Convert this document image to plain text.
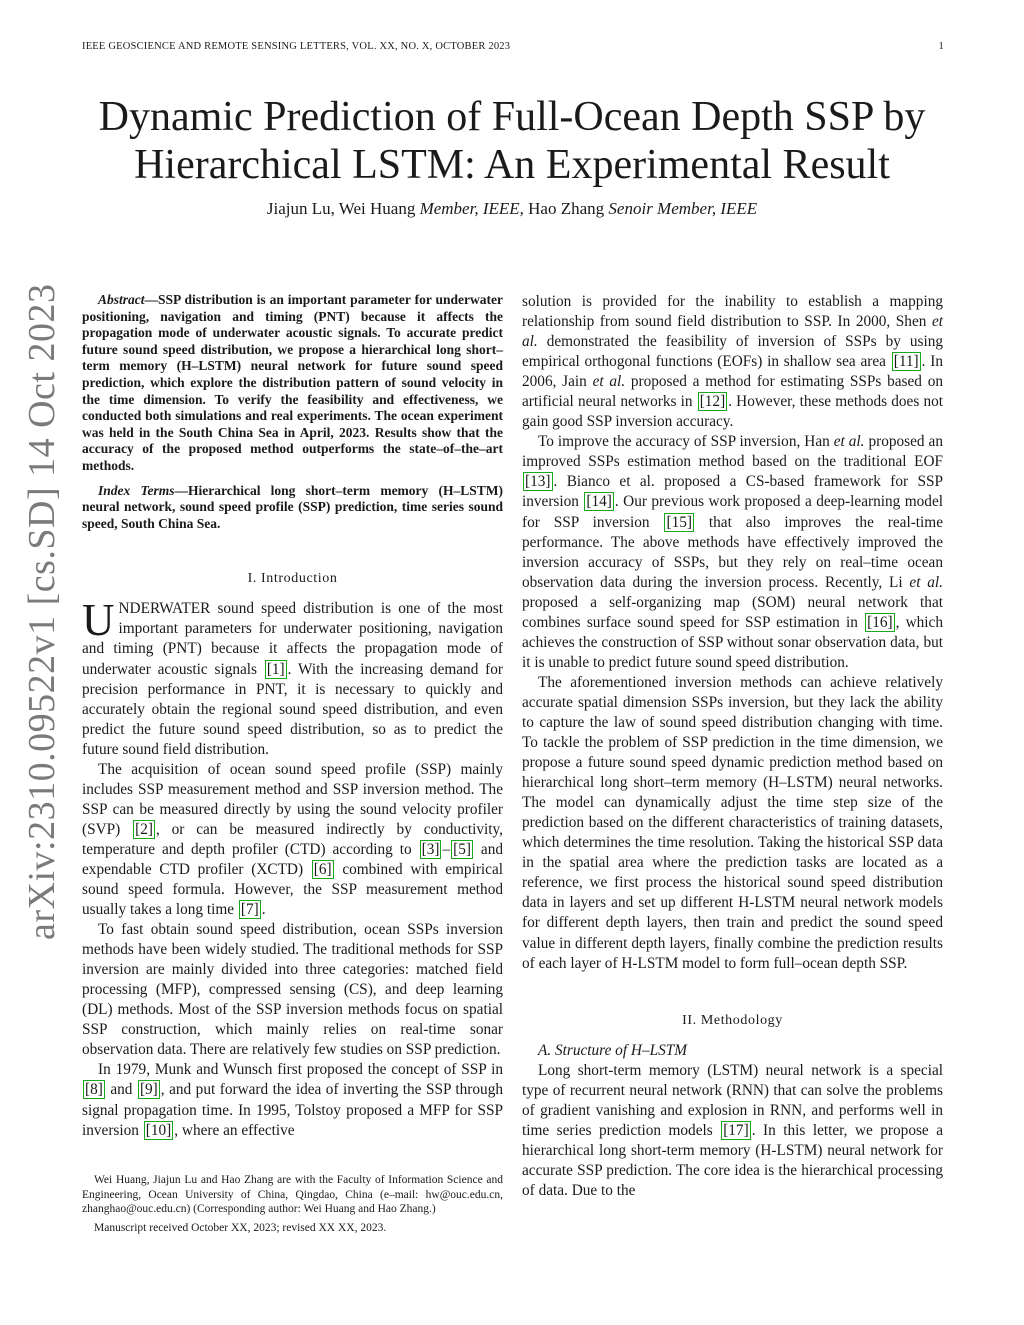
IEEE GEOSCIENCE AND REMOTE SENSING LETTERS, VOL. XX, NO. X, OCTOBER 2023	1
arXiv:2310.09522v1 [cs.SD] 14 Oct 2023
Dynamic Prediction of Full-Ocean Depth SSP by
Hierarchical LSTM: An Experimental Result
Jiajun Lu, Wei Huang Member, IEEE, Hao Zhang Senoir Member, IEEE

Abstract—SSP distribution is an important parameter for underwater positioning, navigation and timing (PNT) because it affects the propagation mode of underwater acoustic signals. To accurate predict future sound speed distribution, we propose a hierarchical long short–term memory (H–LSTM) neural network for future sound speed prediction, which explore the distribution pattern of sound velocity in the time dimension. To verify the feasibility and effectiveness, we conducted both simulations and real experiments. The ocean experiment was held in the South China Sea in April, 2023. Results show that the accuracy of the proposed method outperforms the state–of–the–art methods.

Index Terms—Hierarchical long short–term memory (H–LSTM) neural network, sound speed profile (SSP) prediction, time series sound speed, South China Sea.

I. Introduction

UNDERWATER sound speed distribution is one of the most important parameters for underwater positioning, navigation and timing (PNT) because it affects the propagation mode of underwater acoustic signals [1] . With the increasing demand for precision performance in PNT, it is necessary to quickly and accurately obtain the regional sound speed distribution, and even predict the future sound speed distribution, so as to predict the future sound field distribution.

The acquisition of ocean sound speed profile (SSP) mainly includes SSP measurement method and SSP inversion method. The SSP can be measured directly by using the sound velocity profiler (SVP) [2] , or can be measured indirectly by conductivity, temperature and depth profiler (CTD) according to [3] – [5] and expendable CTD profiler (XCTD) [6] combined with empirical sound speed formula. However, the SSP measurement method usually takes a long time [7] .

To fast obtain sound speed distribution, ocean SSPs inversion methods have been widely studied. The traditional methods for SSP inversion are mainly divided into three categories: matched field processing (MFP), compressed sensing (CS), and deep learning (DL) methods. Most of the SSP inversion methods focus on spatial SSP construction, which mainly relies on real-time sonar observation data. There are relatively few studies on SSP prediction.

In 1979, Munk and Wunsch first proposed the concept of SSP in [8] and [9] , and put forward the idea of inverting the SSP through signal propagation time. In 1995, Tolstoy proposed a MFP for SSP inversion [10] , where an effective

Wei Huang, Jiajun Lu and Hao Zhang are with the Faculty of Information Science and Engineering, Ocean University of China, Qingdao, China (e–mail: hw@ouc.edu.cn, zhanghao@ouc.edu.cn) (Corresponding author: Wei Huang and Hao Zhang.)

Manuscript received October XX, 2023; revised XX XX, 2023.

solution is provided for the inability to establish a mapping relationship from sound field distribution to SSP. In 2000, Shen et al. demonstrated the feasibility of inversion of SSPs by using empirical orthogonal functions (EOFs) in shallow sea area [11] . In 2006, Jain et al. proposed a method for estimating SSPs based on artificial neural networks in [12] . However, these methods does not gain good SSP inversion accuracy.

To improve the accuracy of SSP inversion, Han et al. proposed an improved SSPs estimation method based on the traditional EOF [13] . Bianco et al. proposed a CS-based framework for SSP inversion [14] . Our previous work proposed a deep-learning model for SSP inversion [15] that also improves the real-time performance. The above methods have effectively improved the inversion accuracy of SSPs, but they rely on real–time ocean observation data during the inversion process. Recently, Li et al. proposed a self-organizing map (SOM) neural network that combines surface sound speed for SSP estimation in [16] , which achieves the construction of SSP without sonar observation data, but it is unable to predict future sound speed distribution.

The aforementioned inversion methods can achieve relatively accurate spatial dimension SSPs inversion, but they lack the ability to capture the law of sound speed distribution changing with time. To tackle the problem of SSP prediction in the time dimension, we propose a future sound speed dynamic prediction method based on hierarchical long short–term memory (H–LSTM) neural networks. The model can dynamically adjust the time step size of the prediction based on the different characteristics of training datasets, which determines the time resolution. Taking the historical SSP data in the spatial area where the prediction tasks are located as a reference, we first process the historical sound speed distribution data in layers and set up different H-LSTM neural network models for different depth layers, then train and predict the sound speed value in different depth layers, finally combine the prediction results of each layer of H-LSTM model to form full–ocean depth SSP.

II. Methodology

A. Structure of H–LSTM

Long short-term memory (LSTM) neural network is a special type of recurrent neural network (RNN) that can solve the problems of gradient vanishing and explosion in RNN, and performs well in time series prediction models [17] . In this letter, we propose a hierarchical long short-term memory (H-LSTM) neural network for accurate SSP prediction. The core idea is the hierarchical processing of data. Due to the
